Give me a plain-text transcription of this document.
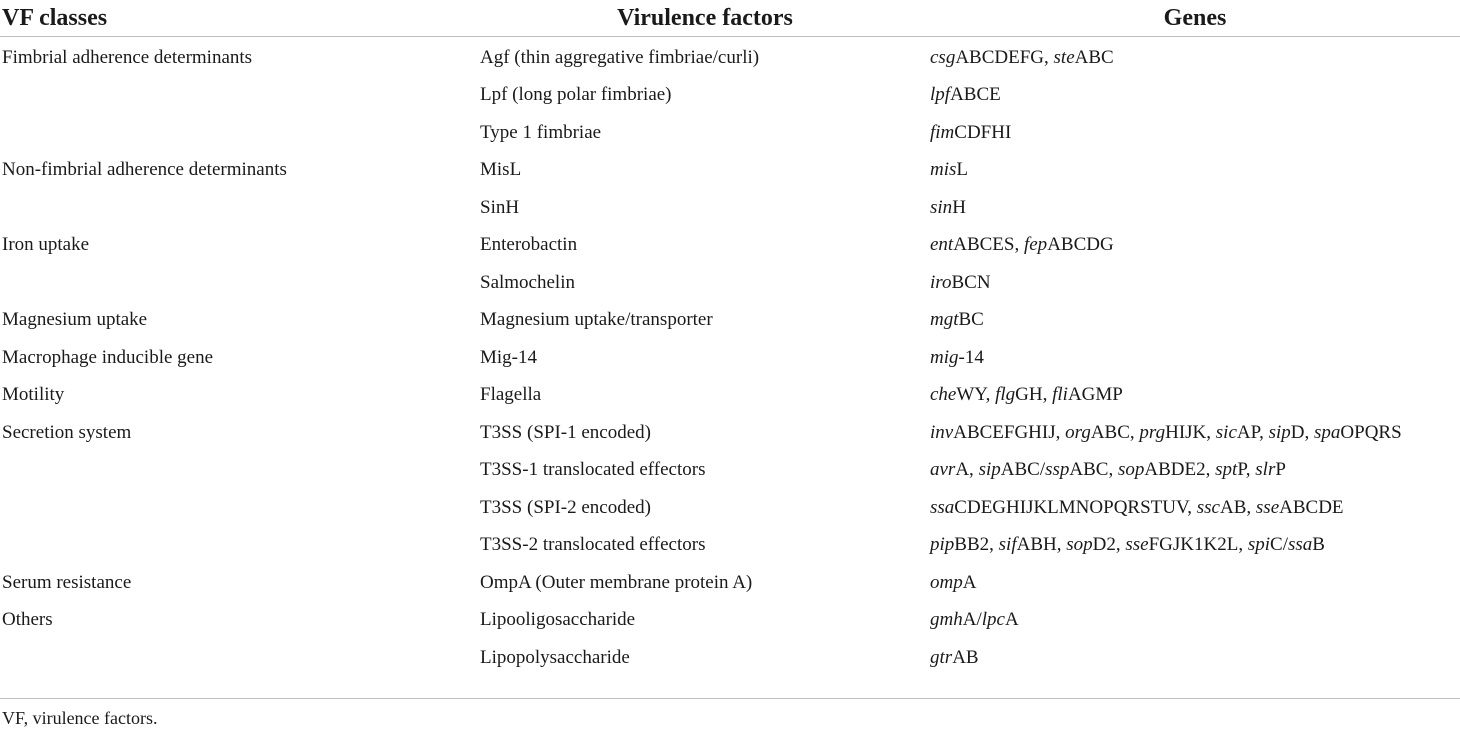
VF classes	Virulence factors	Genes
Fimbrial adherence determinants	Agf (thin aggregative fimbriae/curli)	csgABCDEFG, steABC
	Lpf (long polar fimbriae)	lpfABCE
	Type 1 fimbriae	fimCDFHI
Non-fimbrial adherence determinants	MisL	misL
	SinH	sinH
Iron uptake	Enterobactin	entABCES, fepABCDG
	Salmochelin	iroBCN
Magnesium uptake	Magnesium uptake/transporter	mgtBC
Macrophage inducible gene	Mig-14	mig-14
Motility	Flagella	cheWY, flgGH, fliAGMP
Secretion system	T3SS (SPI-1 encoded)	invABCEFGHIJ, orgABC, prgHIJK, sicAP, sipD, spaOPQRS
	T3SS-1 translocated effectors	avrA, sipABC/sspABC, sopABDE2, sptP, slrP
	T3SS (SPI-2 encoded)	ssaCDEGHIJKLMNOPQRSTUV, sscAB, sseABCDE
	T3SS-2 translocated effectors	pipBB2, sifABH, sopD2, sseFGJK1K2L, spiC/ssaB
Serum resistance	OmpA (Outer membrane protein A)	ompA
Others	Lipooligosaccharide	gmhA/lpcA
	Lipopolysaccharide	gtrAB
VF, virulence factors.
